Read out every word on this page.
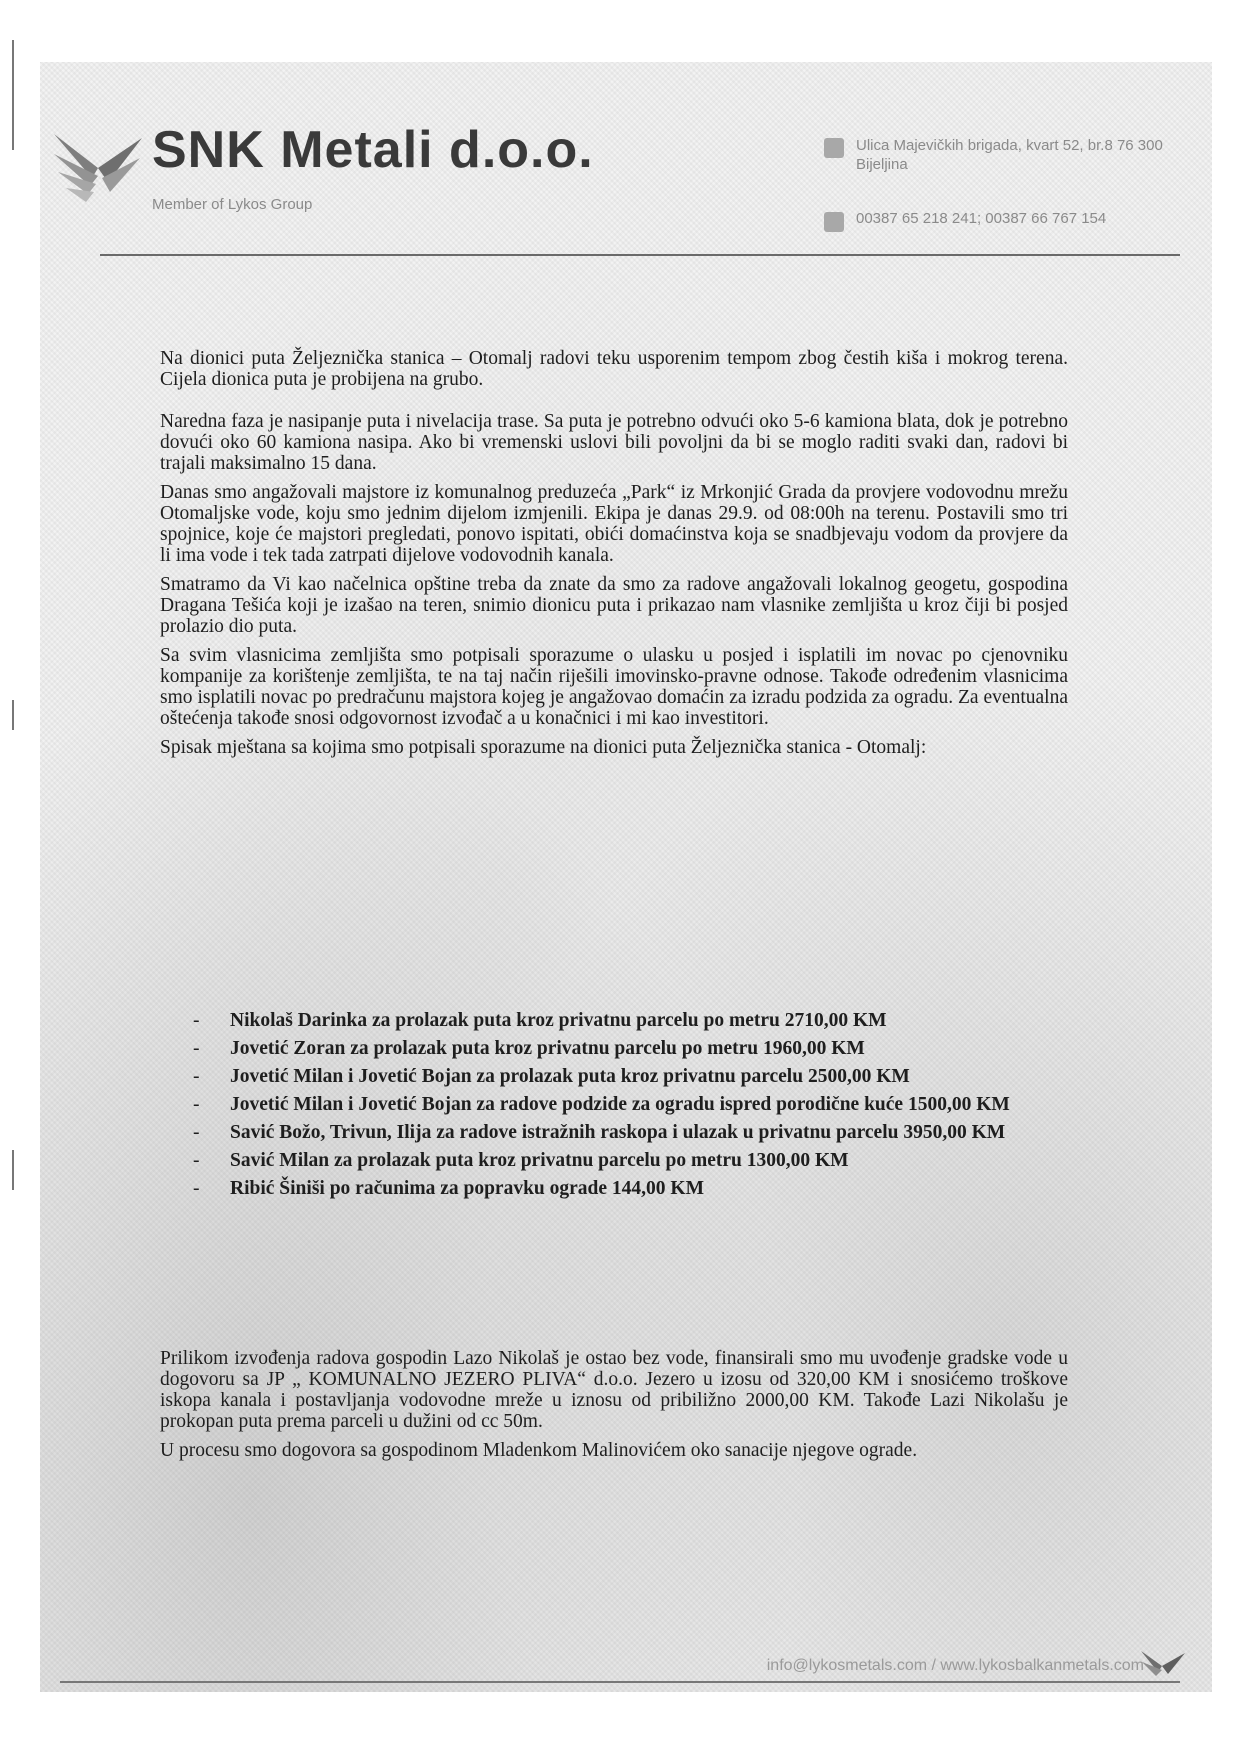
SNK Metali d.o.o.
Member of Lykos Group
Ulica Majevičkih brigada, kvart 52, br.8 76 300 Bijeljina
00387 65 218 241; 00387 66 767 154

Na dionici puta Željeznička stanica – Otomalj radovi teku usporenim tempom zbog čestih kiša i mokrog terena. Cijela dionica puta je probijena na grubo.

Naredna faza je nasipanje puta i nivelacija trase. Sa puta je potrebno odvući oko 5-6 kamiona blata, dok je potrebno dovući oko 60 kamiona nasipa. Ako bi vremenski uslovi bili povoljni da bi se moglo raditi svaki dan, radovi bi trajali maksimalno 15 dana.

Danas smo angažovali majstore iz komunalnog preduzeća „Park“ iz Mrkonjić Grada da provjere vodovodnu mrežu Otomaljske vode, koju smo jednim dijelom izmjenili. Ekipa je danas 29.9. od 08:00h na terenu. Postavili smo tri spojnice, koje će majstori pregledati, ponovo ispitati, obići domaćinstva koja se snadbjevaju vodom da provjere da li ima vode i tek tada zatrpati dijelove vodovodnih kanala.

Smatramo da Vi kao načelnica opštine treba da znate da smo za radove angažovali lokalnog geogetu, gospodina Dragana Tešića koji je izašao na teren, snimio dionicu puta i prikazao nam vlasnike zemljišta u kroz čiji bi posjed prolazio dio puta.

Sa svim vlasnicima zemljišta smo potpisali sporazume o ulasku u posjed i isplatili im novac po cjenovniku kompanije za korištenje zemljišta, te na taj način riješili imovinsko-pravne odnose. Takođe određenim vlasnicima smo isplatili novac po predračunu majstora kojeg je angažovao domaćin za izradu podzida za ogradu. Za eventualna oštećenja takođe snosi odgovornost izvođač a u konačnici i mi kao investitori.

Spisak mještana sa kojima smo potpisali sporazume na dionici puta Željeznička stanica - Otomalj:

- Nikolaš Darinka za prolazak puta kroz privatnu parcelu po metru 2710,00 KM
- Jovetić Zoran za prolazak puta kroz privatnu parcelu po metru 1960,00 KM
- Jovetić Milan i Jovetić Bojan za prolazak puta kroz privatnu parcelu 2500,00 KM
- Jovetić Milan i Jovetić Bojan za radove podzide za ogradu ispred porodične kuće 1500,00 KM
- Savić Božo, Trivun, Ilija za radove istražnih raskopa i ulazak u privatnu parcelu 3950,00 KM
- Savić Milan za prolazak puta kroz privatnu parcelu po metru 1300,00 KM
- Ribić Šiniši po računima za popravku ograde 144,00 KM

Prilikom izvođenja radova gospodin Lazo Nikolaš je ostao bez vode, finansirali smo mu uvođenje gradske vode u dogovoru sa JP „ KOMUNALNO JEZERO PLIVA“ d.o.o. Jezero u izosu od 320,00 KM i snosićemo troškove iskopa kanala i postavljanja vodovodne mreže u iznosu od pribiližno 2000,00 KM. Takođe Lazi Nikolašu je prokopan puta prema parceli u dužini od cc 50m.

U procesu smo dogovora sa gospodinom Mladenkom Malinovićem oko sanacije njegove ograde.

info@lykosmetals.com / www.lykosbalkanmetals.com
